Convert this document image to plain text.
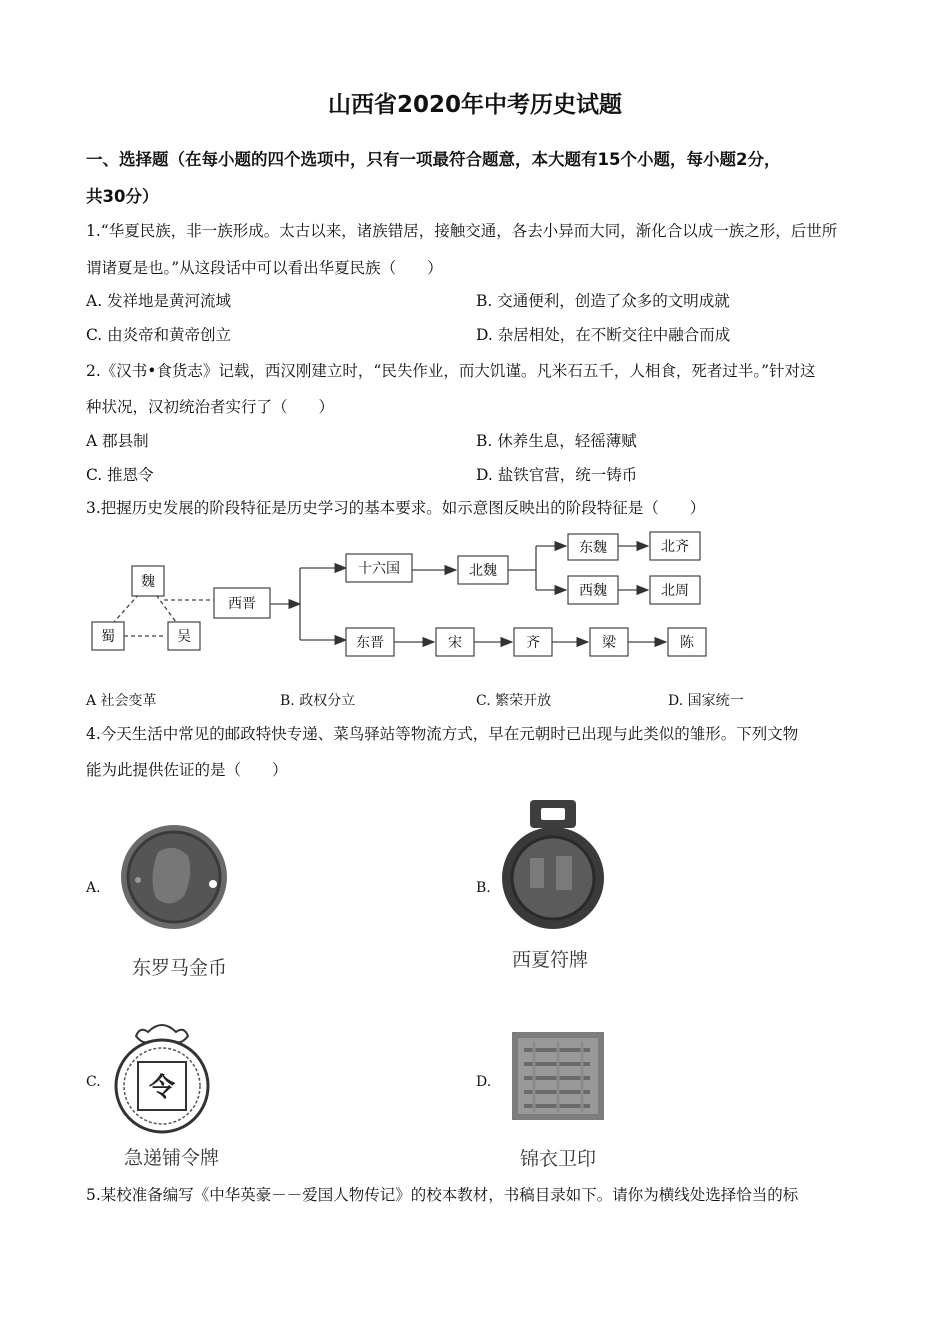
山西省2020年中考历史试题
一、选择题（在每小题的四个选项中，只有一项最符合题意，本大题有15个小题，每小题2分，
共30分）
1.“华夏民族，非一族形成。太古以来，诸族错居，接触交通，各去小异而大同，渐化合以成一族之形，后世所
谓诸夏是也。”从这段话中可以看出华夏民族（　　）
A. 发祥地是黄河流域	B. 交通便利，创造了众多的文明成就
C. 由炎帝和黄帝创立	D. 杂居相处，在不断交往中融合而成
2.《汉书•食货志》记载，西汉刚建立时，“民失作业，而大饥谨。凡米石五千，人相食，死者过半。”针对这
种状况，汉初统治者实行了（　　）
A 郡县制	B. 休养生息，轻徭薄赋
C. 推恩令	D. 盐铁官营，统一铸币
3.把握历史发展的阶段特征是历史学习的基本要求。如示意图反映出的阶段特征是（　　）
魏
蜀	吴
西晋
十六国	北魏
东魏
西魏
北齐
北周
东晋	宋	齐	梁	陈
A 社会变革	B. 政权分立	C. 繁荣开放	D. 国家统一
4.今天生活中常见的邮政特快专递、菜鸟驿站等物流方式，早在元朝时已出现与此类似的雏形。下列文物
能为此提供佐证的是（　　）
A.
东罗马金币
B.
西夏符牌
C. 令
急递铺令牌
D.
锦衣卫印
5.某校准备编写《中华英豪－－爱国人物传记》的校本教材，书稿目录如下。请你为横线处选择恰当的标
